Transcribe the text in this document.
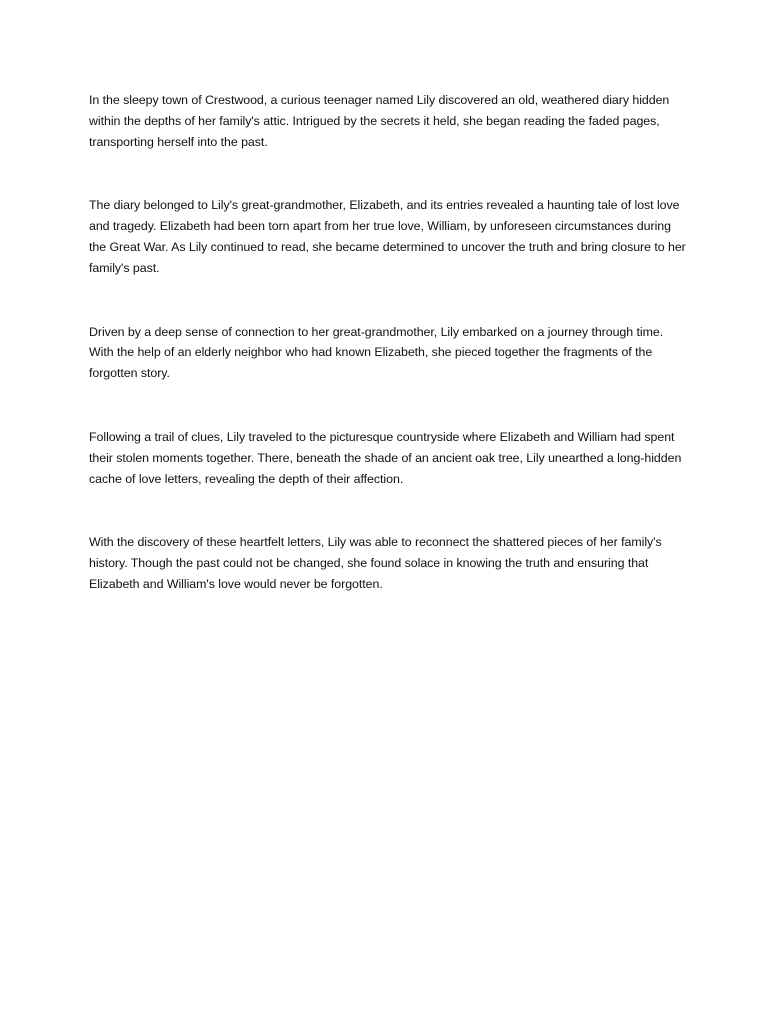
In the sleepy town of Crestwood, a curious teenager named Lily discovered an old, weathered diary hidden within the depths of her family's attic. Intrigued by the secrets it held, she began reading the faded pages, transporting herself into the past.

The diary belonged to Lily's great-grandmother, Elizabeth, and its entries revealed a haunting tale of lost love and tragedy. Elizabeth had been torn apart from her true love, William, by unforeseen circumstances during the Great War. As Lily continued to read, she became determined to uncover the truth and bring closure to her family's past.

Driven by a deep sense of connection to her great-grandmother, Lily embarked on a journey through time. With the help of an elderly neighbor who had known Elizabeth, she pieced together the fragments of the forgotten story.

Following a trail of clues, Lily traveled to the picturesque countryside where Elizabeth and William had spent their stolen moments together. There, beneath the shade of an ancient oak tree, Lily unearthed a long-hidden cache of love letters, revealing the depth of their affection.

With the discovery of these heartfelt letters, Lily was able to reconnect the shattered pieces of her family's history. Though the past could not be changed, she found solace in knowing the truth and ensuring that Elizabeth and William's love would never be forgotten.
